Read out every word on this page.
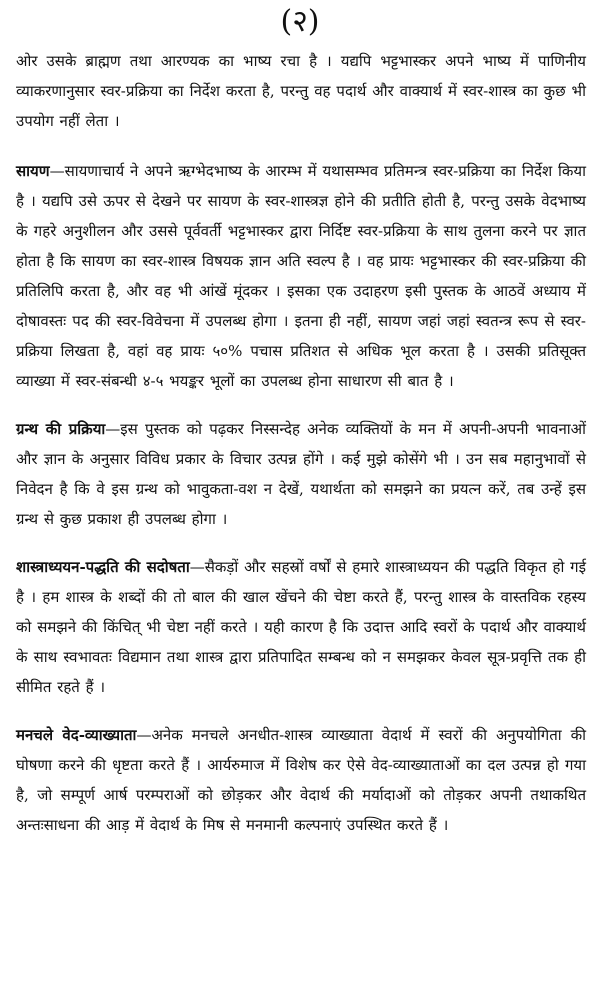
(२)

ओर उसके ब्राह्मण तथा आरण्यक का भाष्य रचा है । यद्यपि भट्टभास्कर अपने भाष्य में पाणिनीय व्याकरणानुसार स्वर-प्रक्रिया का निर्देश करता है, परन्तु वह पदार्थ और वाक्यार्थ में स्वर-शास्त्र का कुछ भी उपयोग नहीं लेता ।

सायण—सायणाचार्य ने अपने ऋग्भेदभाष्य के आरम्भ में यथासम्भव प्रतिमन्त्र स्वर-प्रक्रिया का निर्देश किया है । यद्यपि उसे ऊपर से देखने पर सायण के स्वर-शास्त्रज्ञ होने की प्रतीति होती है, परन्तु उसके वेदभाष्य के गहरे अनुशीलन और उससे पूर्ववर्ती भट्टभास्कर द्वारा निर्दिष्ट स्वर-प्रक्रिया के साथ तुलना करने पर ज्ञात होता है कि सायण का स्वर-शास्त्र विषयक ज्ञान अति स्वल्प है । वह प्रायः भट्टभास्कर की स्वर-प्रक्रिया की प्रतिलिपि करता है, और वह भी आंखें मूंदकर । इसका एक उदाहरण इसी पुस्तक के आठवें अध्याय में दोषावस्तः पद की स्वर-विवेचना में उपलब्ध होगा । इतना ही नहीं, सायण जहां जहां स्वतन्त्र रूप से स्वर-प्रक्रिया लिखता है, वहां वह प्रायः ५०% पचास प्रतिशत से अधिक भूल करता है । उसकी प्रतिसूक्त व्याख्या में स्वर-संबन्धी ४-५ भयङ्कर भूलों का उपलब्ध होना साधारण सी बात है ।

ग्रन्थ की प्रक्रिया—इस पुस्तक को पढ़कर निस्सन्देह अनेक व्यक्तियों के मन में अपनी-अपनी भावनाओं और ज्ञान के अनुसार विविध प्रकार के विचार उत्पन्न होंगे । कई मुझे कोसेंगे भी । उन सब महानुभावों से निवेदन है कि वे इस ग्रन्थ को भावुकता-वश न देखें, यथार्थता को समझने का प्रयत्न करें, तब उन्हें इस ग्रन्थ से कुछ प्रकाश ही उपलब्ध होगा ।

शास्त्राध्ययन-पद्धति की सदोषता—सैकड़ों और सहस्रों वर्षों से हमारे शास्त्राध्ययन की पद्धति विकृत हो गई है । हम शास्त्र के शब्दों की तो बाल की खाल खेंचने की चेष्टा करते हैं, परन्तु शास्त्र के वास्तविक रहस्य को समझने की किंचित् भी चेष्टा नहीं करते । यही कारण है कि उदात्त आदि स्वरों के पदार्थ और वाक्यार्थ के साथ स्वभावतः विद्यमान तथा शास्त्र द्वारा प्रतिपादित सम्बन्ध को न समझकर केवल सूत्र-प्रवृत्ति तक ही सीमित रहते हैं ।

मनचले वेद-व्याख्याता—अनेक मनचले अनधीत-शास्त्र व्याख्याता वेदार्थ में स्वरों की अनुपयोगिता की घोषणा करने की धृष्टता करते हैं । आर्यरुमाज में विशेष कर ऐसे वेद-व्याख्याताओं का दल उत्पन्न हो गया है, जो सम्पूर्ण आर्ष परम्पराओं को छोड़कर और वेदार्थ की मर्यादाओं को तोड़कर अपनी तथाकथित अन्तःसाधना की आड़ में वेदार्थ के मिष से मनमानी कल्पनाएं उपस्थित करते हैं ।
